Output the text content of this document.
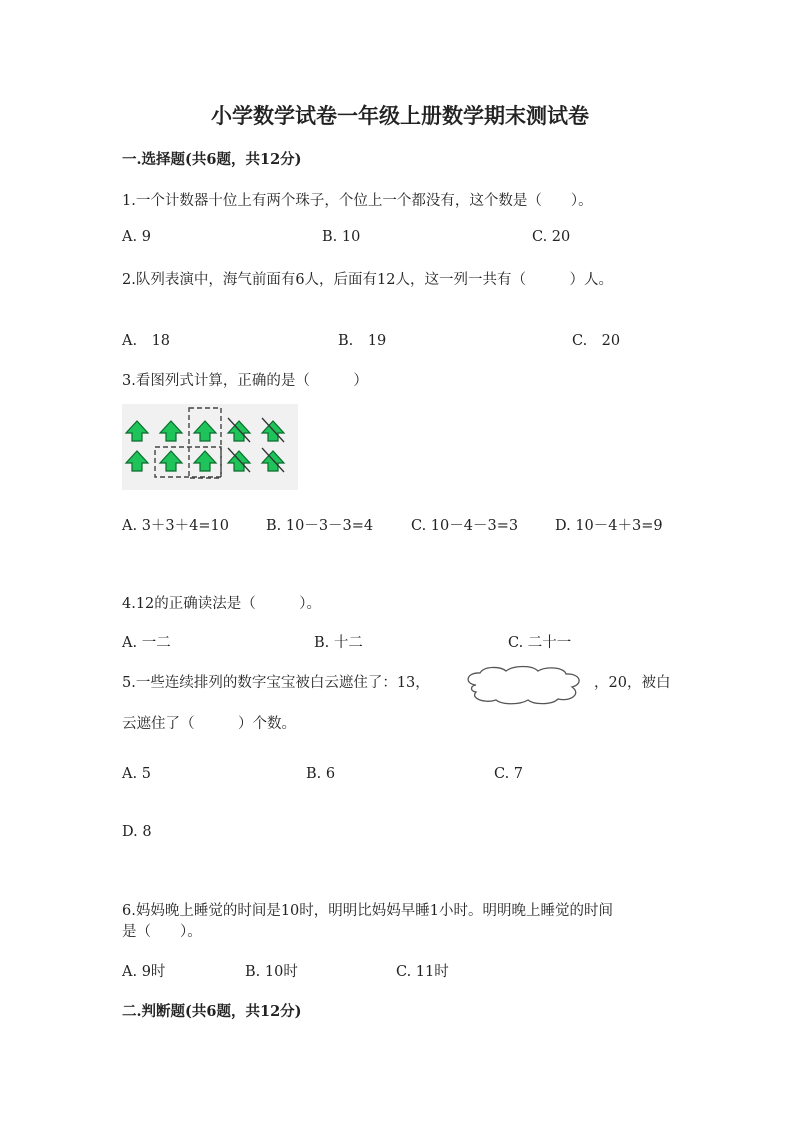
小学数学试卷一年级上册数学期末测试卷
一.选择题(共6题，共12分)
1.一个计数器十位上有两个珠子，个位上一个都没有，这个数是（　　）。
A. 9	B. 10	C. 20
2.队列表演中，海气前面有6人，后面有12人，这一列一共有（　　　）人。
A.　18	B.　19	C.　20
3.看图列式计算，正确的是（　　　）
A. 3＋3＋4=10	B. 10－3－3=4	C. 10－4－3=3	D. 10－4＋3=9
4.12的正确读法是（　　　）。
A. 一二	B. 十二	C. 二十一
5.一些连续排列的数字宝宝被白云遮住了：13，	，20，被白
云遮住了（　　　）个数。
A. 5	B. 6	C. 7
D. 8
6.妈妈晚上睡觉的时间是10时，明明比妈妈早睡1小时。明明晚上睡觉的时间
是（　　）。
A. 9时	B. 10时	C. 11时
二.判断题(共6题，共12分)
